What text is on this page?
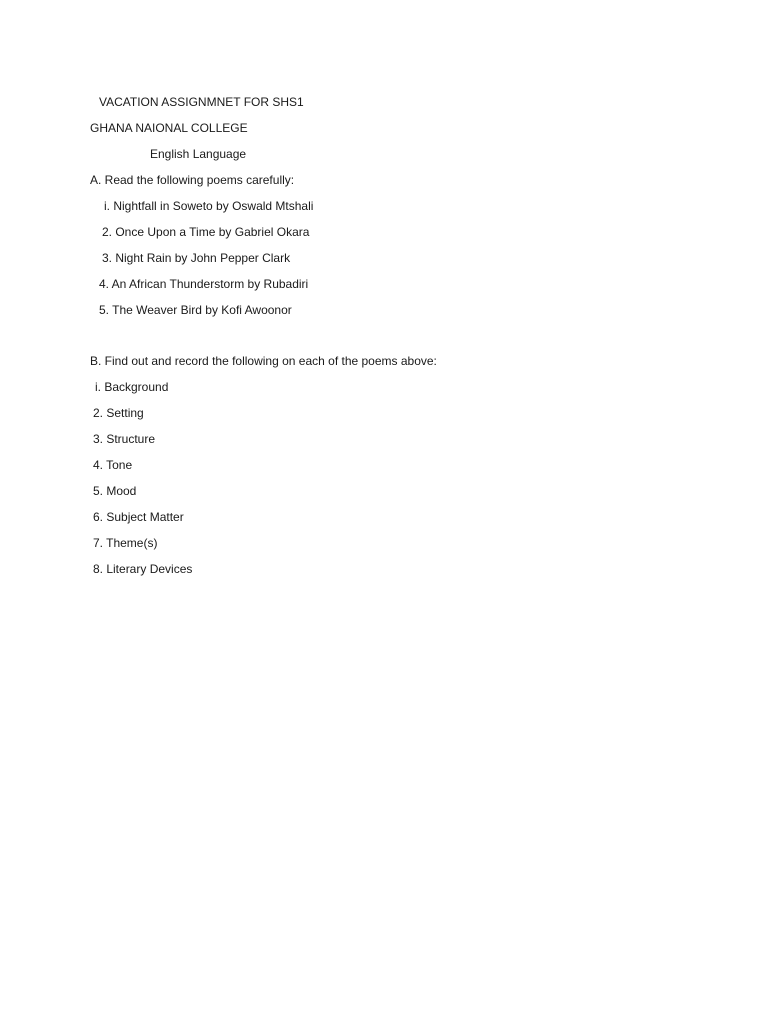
VACATION ASSIGNMNET FOR SHS1
GHANA NAIONAL COLLEGE
English Language
A. Read the following poems carefully:
i. Nightfall in Soweto by Oswald Mtshali
2. Once Upon a Time by Gabriel Okara
3. Night Rain by John Pepper Clark
4. An African Thunderstorm by Rubadiri
5. The Weaver Bird by Kofi Awoonor
B. Find out and record the following on each of the poems above:
i. Background
2. Setting
3. Structure
4. Tone
5. Mood
6. Subject Matter
7. Theme(s)
8. Literary Devices
